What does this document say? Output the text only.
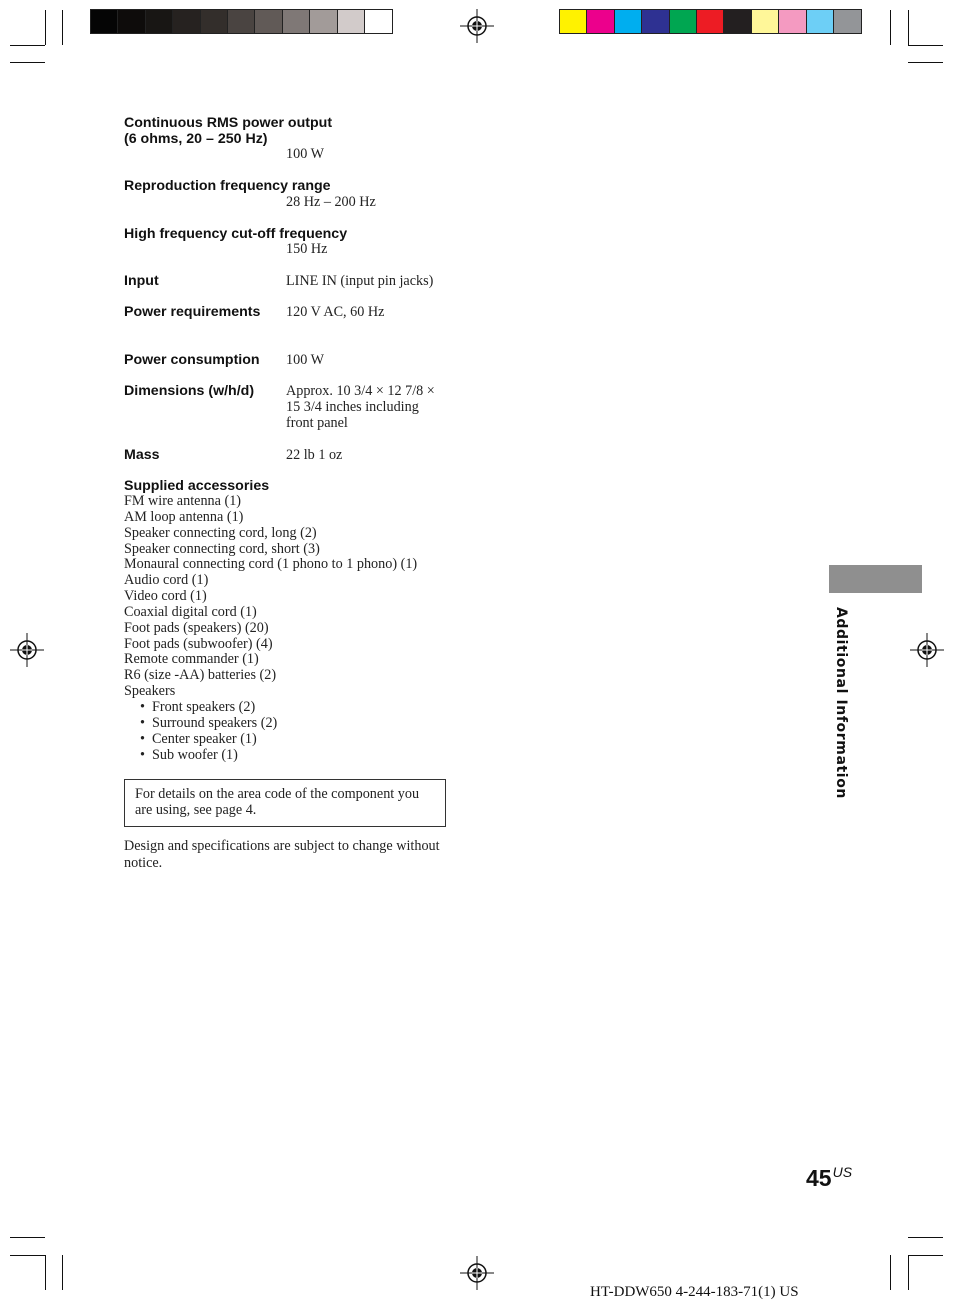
Continuous RMS power output
(6 ohms, 20 – 250 Hz)
100 W
Reproduction frequency range
28 Hz – 200 Hz
High frequency cut-off frequency
150 Hz
Input	LINE IN (input pin jacks)
Power requirements 120 V AC, 60 Hz
Power consumption 100 W
Dimensions (w/h/d) Approx. 10 3/4 × 12 7/8 ×
15 3/4 inches including
front panel
Mass	22 lb 1 oz
Supplied accessories
FM wire antenna (1)
AM loop antenna (1)
Speaker connecting cord, long (2)
Speaker connecting cord, short (3)
Monaural connecting cord (1 phono to 1 phono) (1)
Audio cord (1)
Video cord (1)
Coaxial digital cord (1)
Foot pads (speakers) (20)
Foot pads (subwoofer) (4)
Remote commander (1)
R6 (size -AA) batteries (2)
Speakers
• Front speakers (2)
• Surround speakers (2)
• Center speaker (1)
• Sub woofer (1)
For details on the area code of the component you are using, see page 4.
Design and specifications are subject to change without notice.
Additional Information
$45^{US}$
HT-DDW650 4-244-183-71(1) US
